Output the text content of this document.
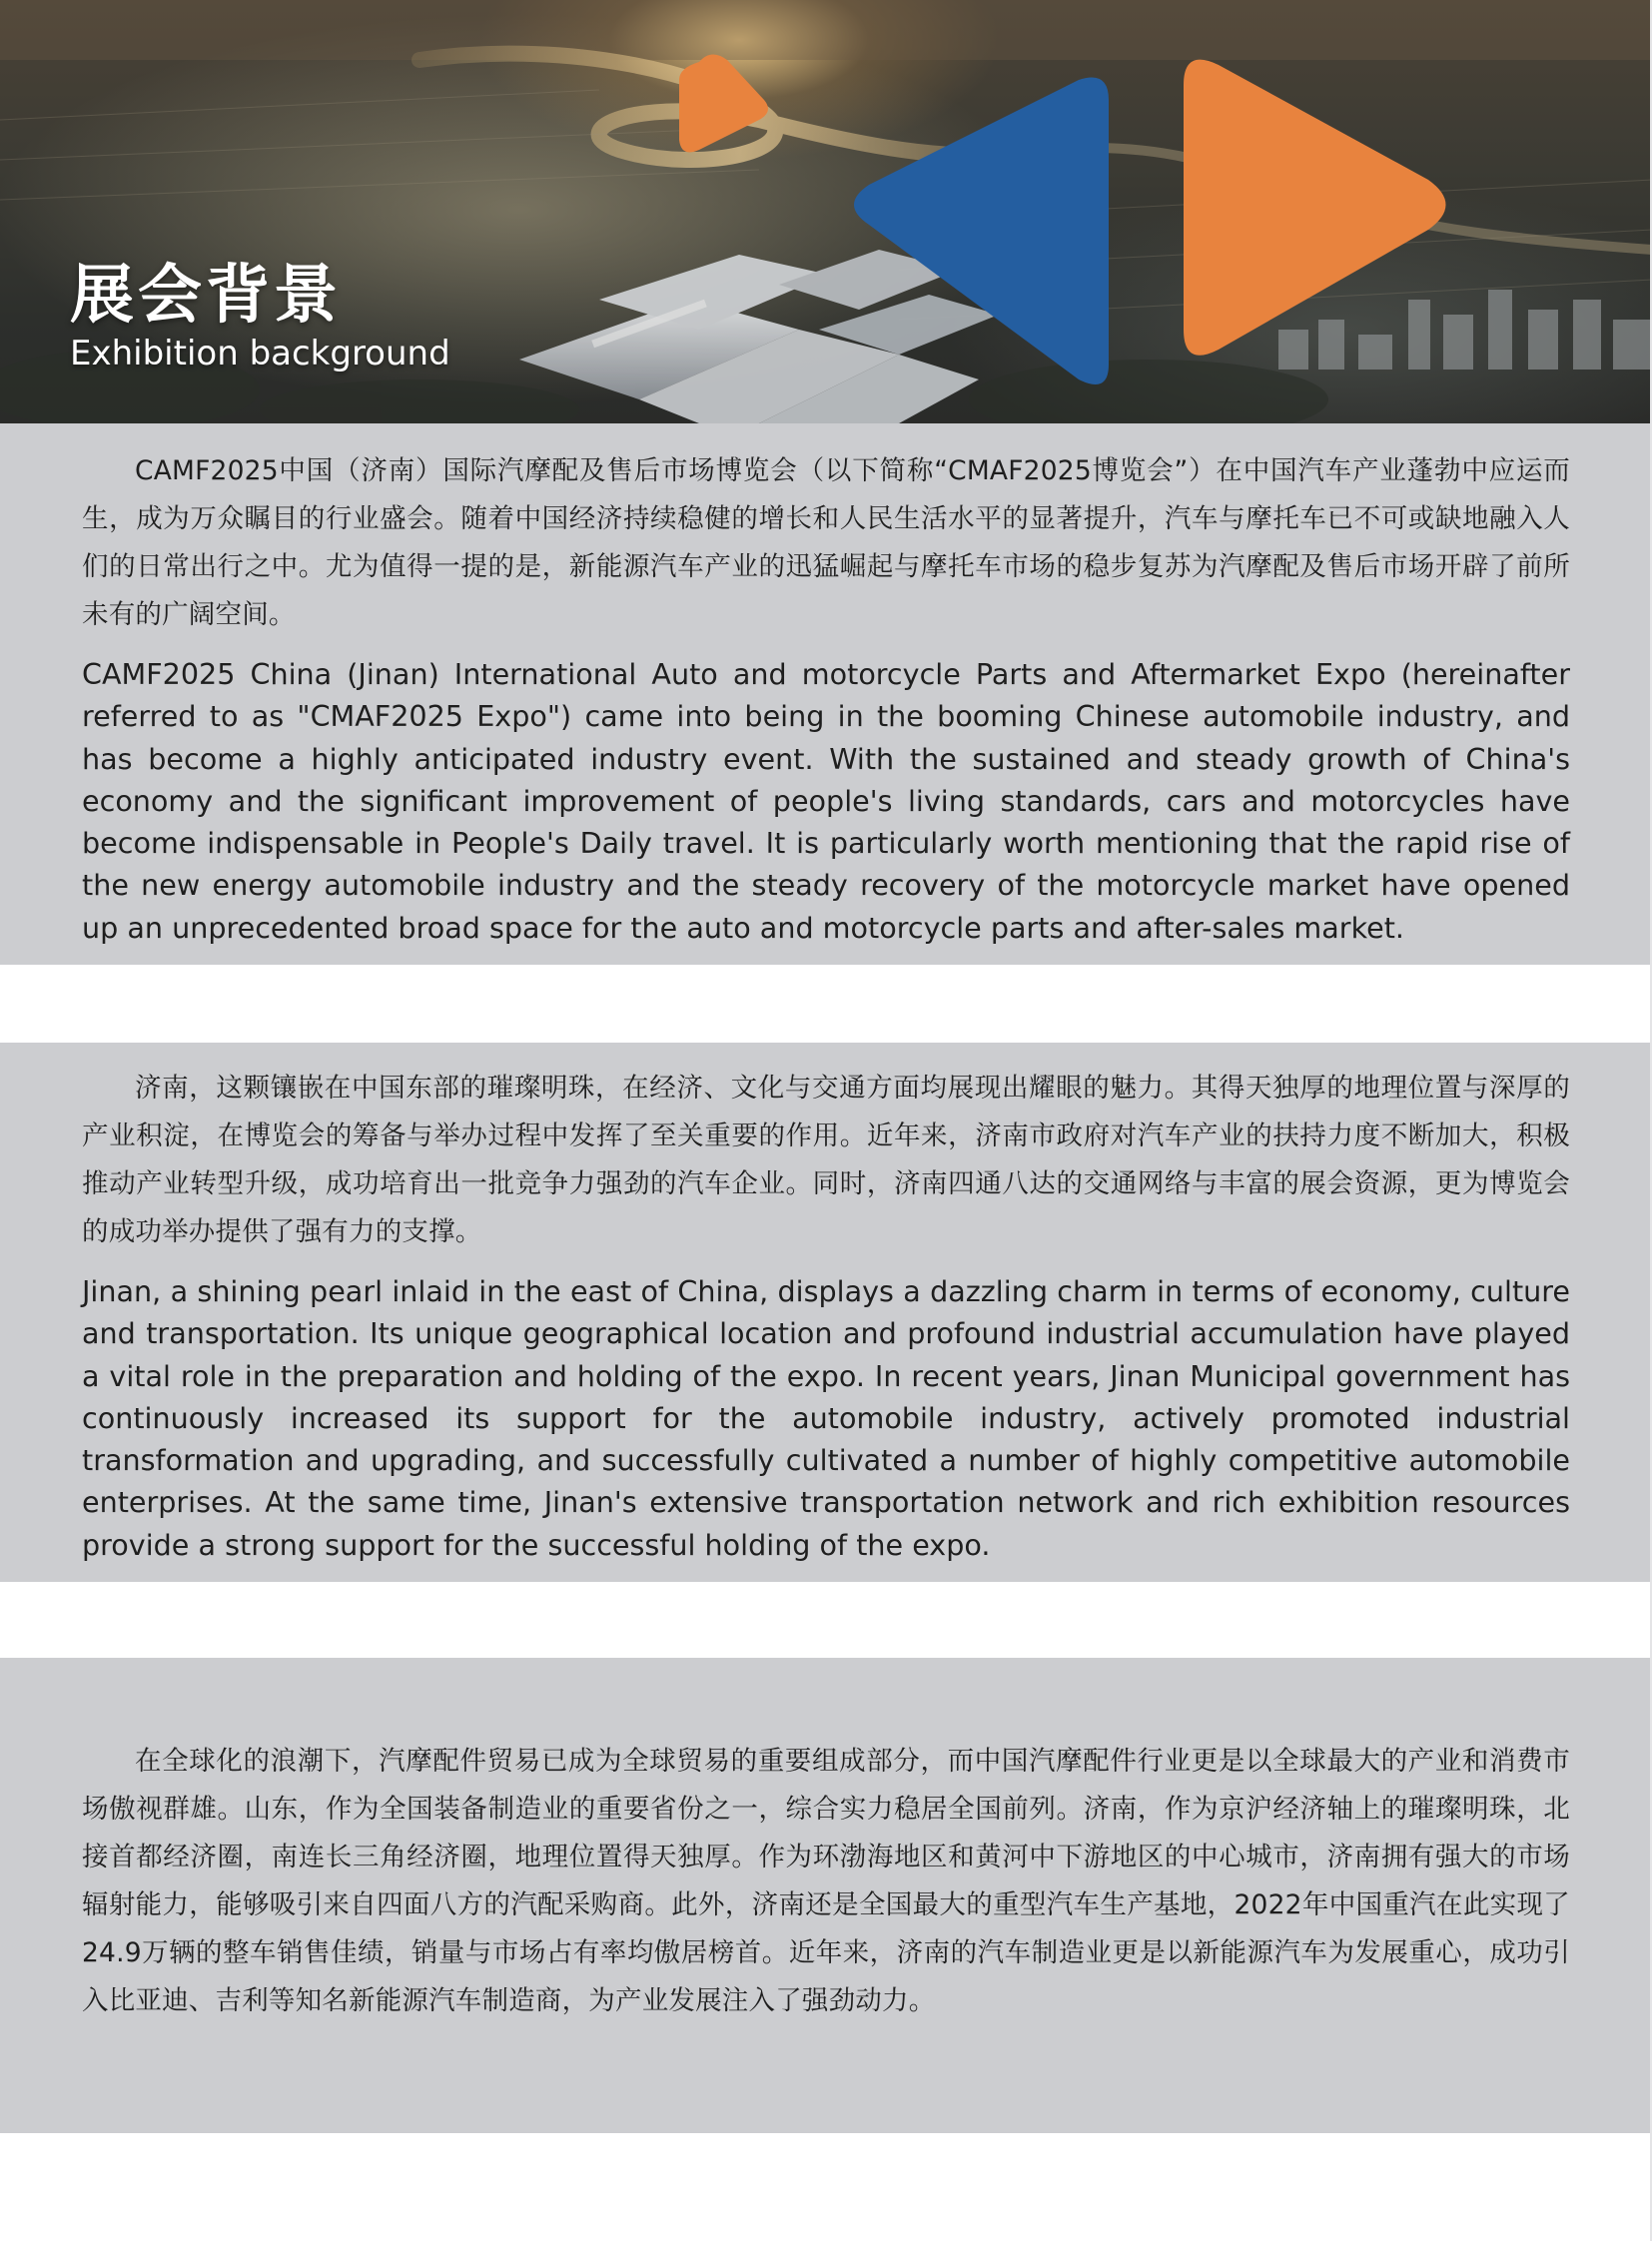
展会背景
Exhibition background

CAMF2025中国（济南）国际汽摩配及售后市场博览会（以下简称“CMAF2025博览会”）在中国汽车产业蓬勃中应运而生，成为万众瞩目的行业盛会。随着中国经济持续稳健的增长和人民生活水平的显著提升，汽车与摩托车已不可或缺地融入人们的日常出行之中。尤为值得一提的是，新能源汽车产业的迅猛崛起与摩托车市场的稳步复苏为汽摩配及售后市场开辟了前所未有的广阔空间。

CAMF2025 China (Jinan) International Auto and motorcycle Parts and Aftermarket Expo (hereinafter referred to as "CMAF2025 Expo") came into being in the booming Chinese automobile industry, and has become a highly anticipated industry event. With the sustained and steady growth of China's economy and the significant improvement of people's living standards, cars and motorcycles have become indispensable in People's Daily travel. It is particularly worth mentioning that the rapid rise of the new energy automobile industry and the steady recovery of the motorcycle market have opened up an unprecedented broad space for the auto and motorcycle parts and after-sales market.

济南，这颗镶嵌在中国东部的璀璨明珠，在经济、文化与交通方面均展现出耀眼的魅力。其得天独厚的地理位置与深厚的产业积淀，在博览会的筹备与举办过程中发挥了至关重要的作用。近年来，济南市政府对汽车产业的扶持力度不断加大，积极推动产业转型升级，成功培育出一批竞争力强劲的汽车企业。同时，济南四通八达的交通网络与丰富的展会资源，更为博览会的成功举办提供了强有力的支撑。

Jinan, a shining pearl inlaid in the east of China, displays a dazzling charm in terms of economy, culture and transportation. Its unique geographical location and profound industrial accumulation have played a vital role in the preparation and holding of the expo. In recent years, Jinan Municipal government has continuously increased its support for the automobile industry, actively promoted industrial transformation and upgrading, and successfully cultivated a number of highly competitive automobile enterprises. At the same time, Jinan's extensive transportation network and rich exhibition resources provide a strong support for the successful holding of the expo.

在全球化的浪潮下，汽摩配件贸易已成为全球贸易的重要组成部分，而中国汽摩配件行业更是以全球最大的产业和消费市场傲视群雄。山东，作为全国装备制造业的重要省份之一，综合实力稳居全国前列。济南，作为京沪经济轴上的璀璨明珠，北接首都经济圈，南连长三角经济圈，地理位置得天独厚。作为环渤海地区和黄河中下游地区的中心城市，济南拥有强大的市场辐射能力，能够吸引来自四面八方的汽配采购商。此外，济南还是全国最大的重型汽车生产基地，2022年中国重汽在此实现了24.9万辆的整车销售佳绩，销量与市场占有率均傲居榜首。近年来，济南的汽车制造业更是以新能源汽车为发展重心，成功引入比亚迪、吉利等知名新能源汽车制造商，为产业发展注入了强劲动力。
